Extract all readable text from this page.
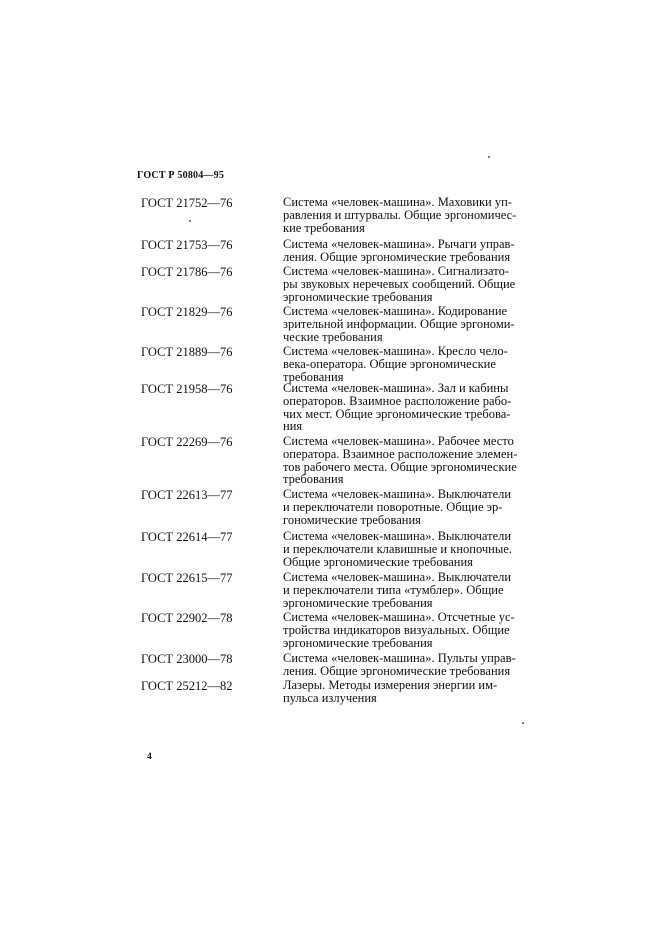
ГОСТ Р 50804—95
ГОСТ 21752—76	Система «человек-машина». Маховики уп-
равления и штурвалы. Общие эргономичес-
кие требования
ГОСТ 21753—76	Система «человек-машина». Рычаги управ-
ления. Общие эргономические требования
ГОСТ 21786—76	Система «человек-машина». Сигнализато-
ры звуковых неречевых сообщений. Общие
эргономические требования
ГОСТ 21829—76	Система «человек-машина». Кодирование
зрительной информации. Общие эргономи-
ческие требования
ГОСТ 21889—76	Система «человек-машина». Кресло чело-
века-оператора. Общие эргономические
требования
ГОСТ 21958—76	Система «человек-машина». Зал и кабины
операторов. Взаимное расположение рабо-
чих мест. Общие эргономические требова-
ния
ГОСТ 22269—76	Система «человек-машина». Рабочее место
оператора. Взаимное расположение элемен-
тов рабочего места. Общие эргономические
требования
ГОСТ 22613—77	Система «человек-машина». Выключатели
и переключатели поворотные. Общие эр-
гономические требования
ГОСТ 22614—77	Система «человек-машина». Выключатели
и переключатели клавишные и кнопочные.
Общие эргономические требования
ГОСТ 22615—77	Система «человек-машина». Выключатели
и переключатели типа «тумблер». Общие
эргономические требования
ГОСТ 22902—78	Система «человек-машина». Отсчетные ус-
тройства индикаторов визуальных. Общие
эргономические требования
ГОСТ 23000—78	Система «человек-машина». Пульты управ-
ления. Общие эргономические требования
ГОСТ 25212—82	Лазеры. Методы измерения энергии им-
пульса излучения
4
